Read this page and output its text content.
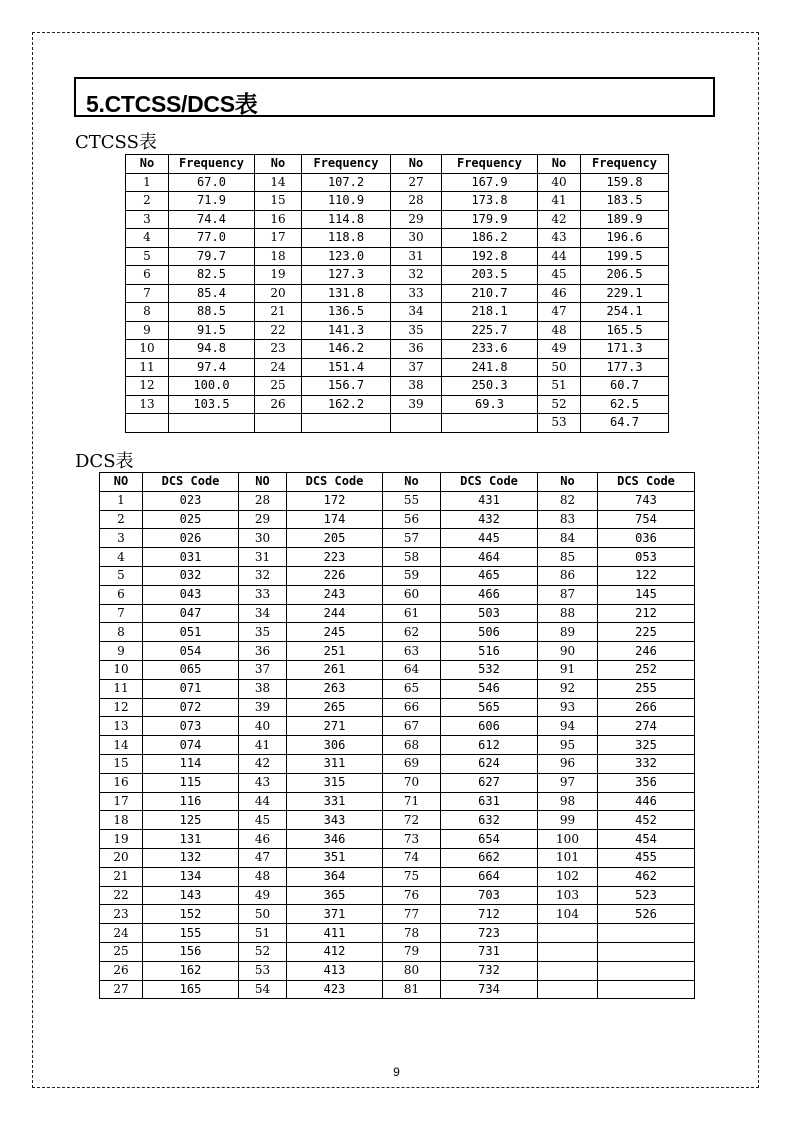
5.CTCSS/DCS表
CTCSS表
No	Frequency	No	Frequency	No	Frequency	No	Frequency
1	67.0	14	107.2	27	167.9	40	159.8
2	71.9	15	110.9	28	173.8	41	183.5
3	74.4	16	114.8	29	179.9	42	189.9
4	77.0	17	118.8	30	186.2	43	196.6
5	79.7	18	123.0	31	192.8	44	199.5
6	82.5	19	127.3	32	203.5	45	206.5
7	85.4	20	131.8	33	210.7	46	229.1
8	88.5	21	136.5	34	218.1	47	254.1
9	91.5	22	141.3	35	225.7	48	165.5
10	94.8	23	146.2	36	233.6	49	171.3
11	97.4	24	151.4	37	241.8	50	177.3
12	100.0	25	156.7	38	250.3	51	60.7
13	103.5	26	162.2	39	69.3	52	62.5
						53	64.7
DCS表
NO	DCS Code	NO	DCS Code	No	DCS Code	No	DCS Code
1	023	28	172	55	431	82	743
2	025	29	174	56	432	83	754
3	026	30	205	57	445	84	036
4	031	31	223	58	464	85	053
5	032	32	226	59	465	86	122
6	043	33	243	60	466	87	145
7	047	34	244	61	503	88	212
8	051	35	245	62	506	89	225
9	054	36	251	63	516	90	246
10	065	37	261	64	532	91	252
11	071	38	263	65	546	92	255
12	072	39	265	66	565	93	266
13	073	40	271	67	606	94	274
14	074	41	306	68	612	95	325
15	114	42	311	69	624	96	332
16	115	43	315	70	627	97	356
17	116	44	331	71	631	98	446
18	125	45	343	72	632	99	452
19	131	46	346	73	654	100	454
20	132	47	351	74	662	101	455
21	134	48	364	75	664	102	462
22	143	49	365	76	703	103	523
23	152	50	371	77	712	104	526
24	155	51	411	78	723		
25	156	52	412	79	731		
26	162	53	413	80	732		
27	165	54	423	81	734		
9
